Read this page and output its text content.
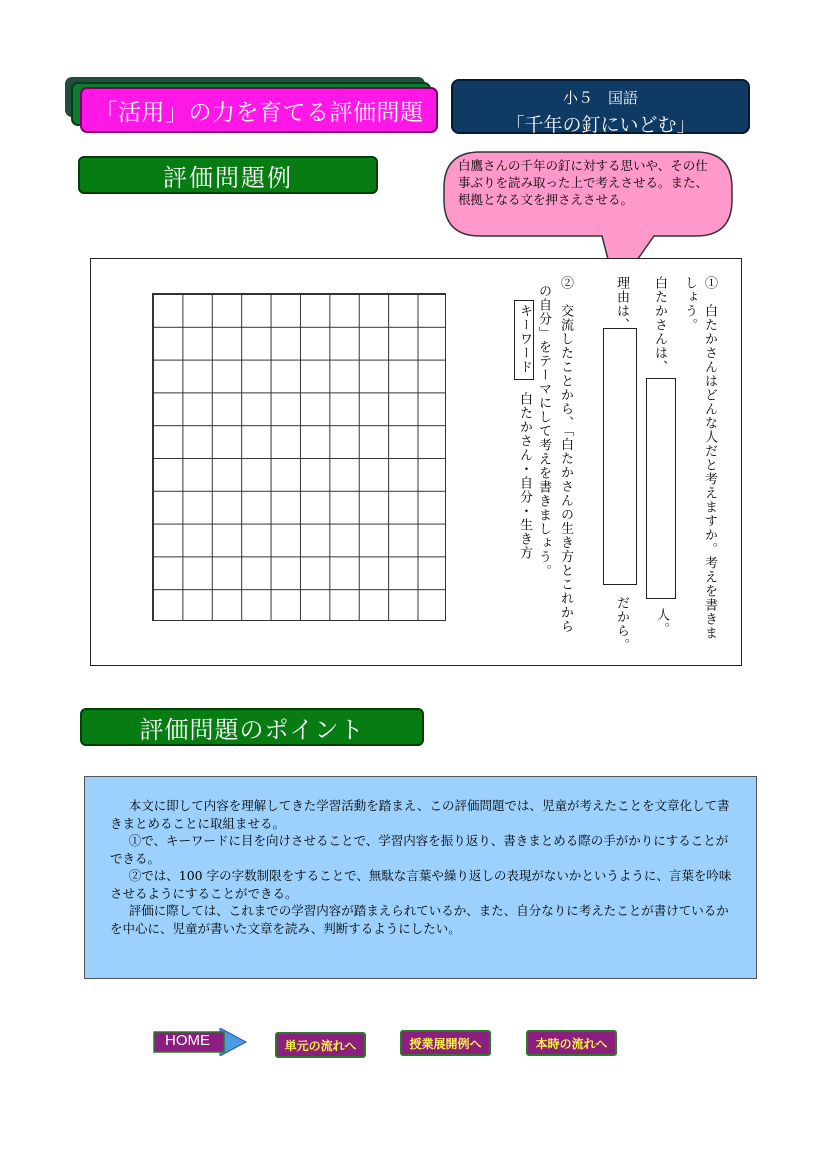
「活用」の力を育てる評価問題
小５　国語
「千年の釘にいどむ」
評価問題例	白鷹さんの千年の釘に対する思いや、その仕事ぶりを読み取った上で考えさせる。また、根拠となる文を押さえさせる。
①　白たかさんはどんな人だと考えますか。考えを書きま
しょう。
白たかさんは、
人。
理由は、
だから。
②　交流したことから、「白たかさんの生き方とこれから
の自分」をテーマにして考えを書きましょう。
キーワード
白たかさん・自分・生き方
評価問題のポイント

本文に即して内容を理解してきた学習活動を踏まえ、この評価問題では、児童が考えたことを文章化して書きまとめることに取組ませる。

①で、キーワードに目を向けさせることで、学習内容を振り返り、書きまとめる際の手がかりにすることができる。

②では、100 字の字数制限をすることで、無駄な言葉や繰り返しの表現がないかというように、言葉を吟味させるようにすることができる。

評価に際しては、これまでの学習内容が踏まえられているか、また、自分なりに考えたことが書けているかを中心に、児童が書いた文章を読み、判断するようにしたい。

HOME	単元の流れへ	授業展開例へ	本時の流れへ
